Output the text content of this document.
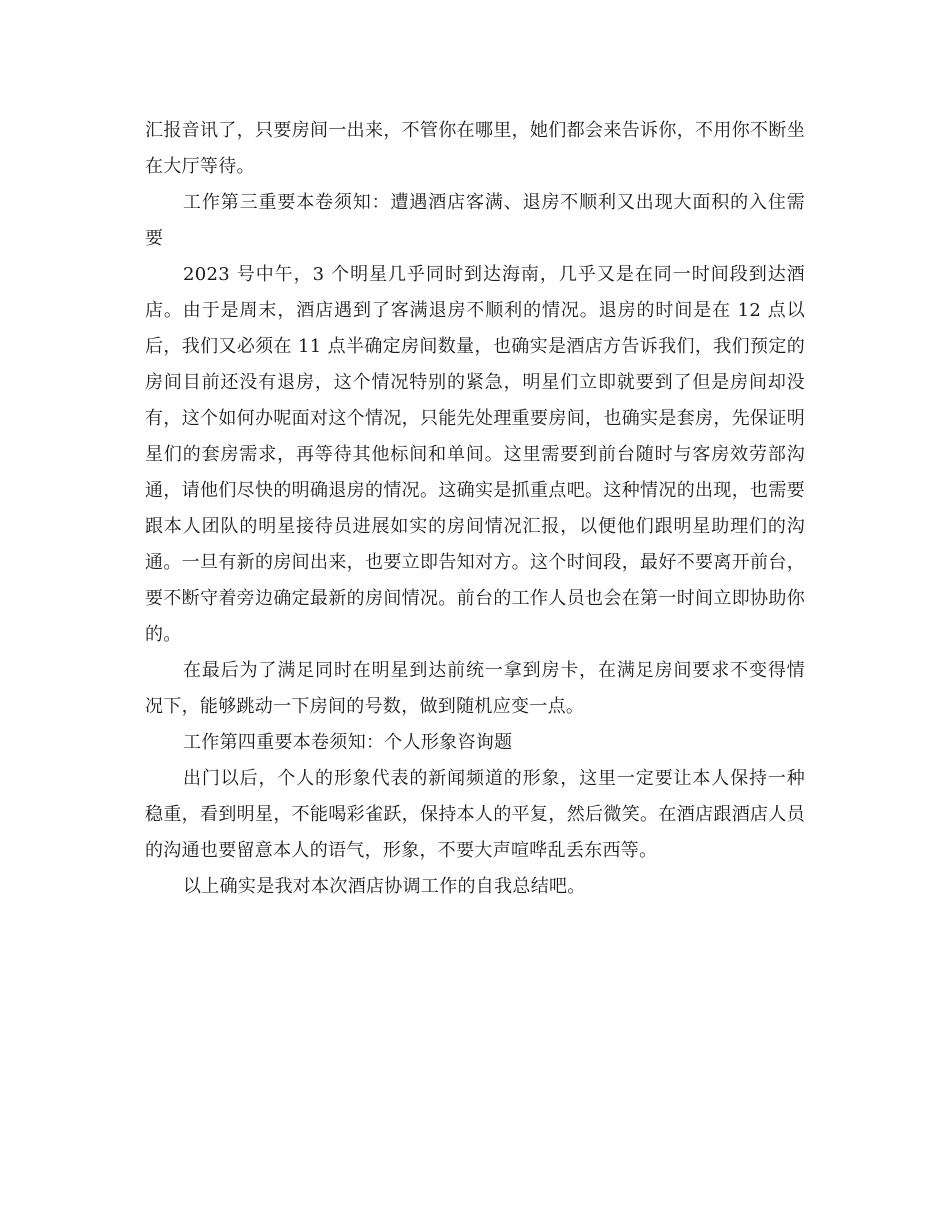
汇报音讯了，只要房间一出来，不管你在哪里，她们都会来告诉你，不用你不断坐在大厅等待。

工作第三重要本卷须知：遭遇酒店客满、退房不顺利又出现大面积的入住需要

2023 号中午，3 个明星几乎同时到达海南，几乎又是在同一时间段到达酒店。由于是周末，酒店遇到了客满退房不顺利的情况。退房的时间是在 12 点以后，我们又必须在 11 点半确定房间数量，也确实是酒店方告诉我们，我们预定的房间目前还没有退房，这个情况特别的紧急，明星们立即就要到了但是房间却没有，这个如何办呢面对这个情况，只能先处理重要房间，也确实是套房，先保证明星们的套房需求，再等待其他标间和单间。这里需要到前台随时与客房效劳部沟通，请他们尽快的明确退房的情况。这确实是抓重点吧。这种情况的出现，也需要跟本人团队的明星接待员进展如实的房间情况汇报，以便他们跟明星助理们的沟通。一旦有新的房间出来，也要立即告知对方。这个时间段，最好不要离开前台，要不断守着旁边确定最新的房间情况。前台的工作人员也会在第一时间立即协助你的。

在最后为了满足同时在明星到达前统一拿到房卡，在满足房间要求不变得情况下，能够跳动一下房间的号数，做到随机应变一点。

工作第四重要本卷须知：个人形象咨询题

出门以后，个人的形象代表的新闻频道的形象，这里一定要让本人保持一种稳重，看到明星，不能喝彩雀跃，保持本人的平复，然后微笑。在酒店跟酒店人员的沟通也要留意本人的语气，形象，不要大声喧哗乱丢东西等。

以上确实是我对本次酒店协调工作的自我总结吧。
